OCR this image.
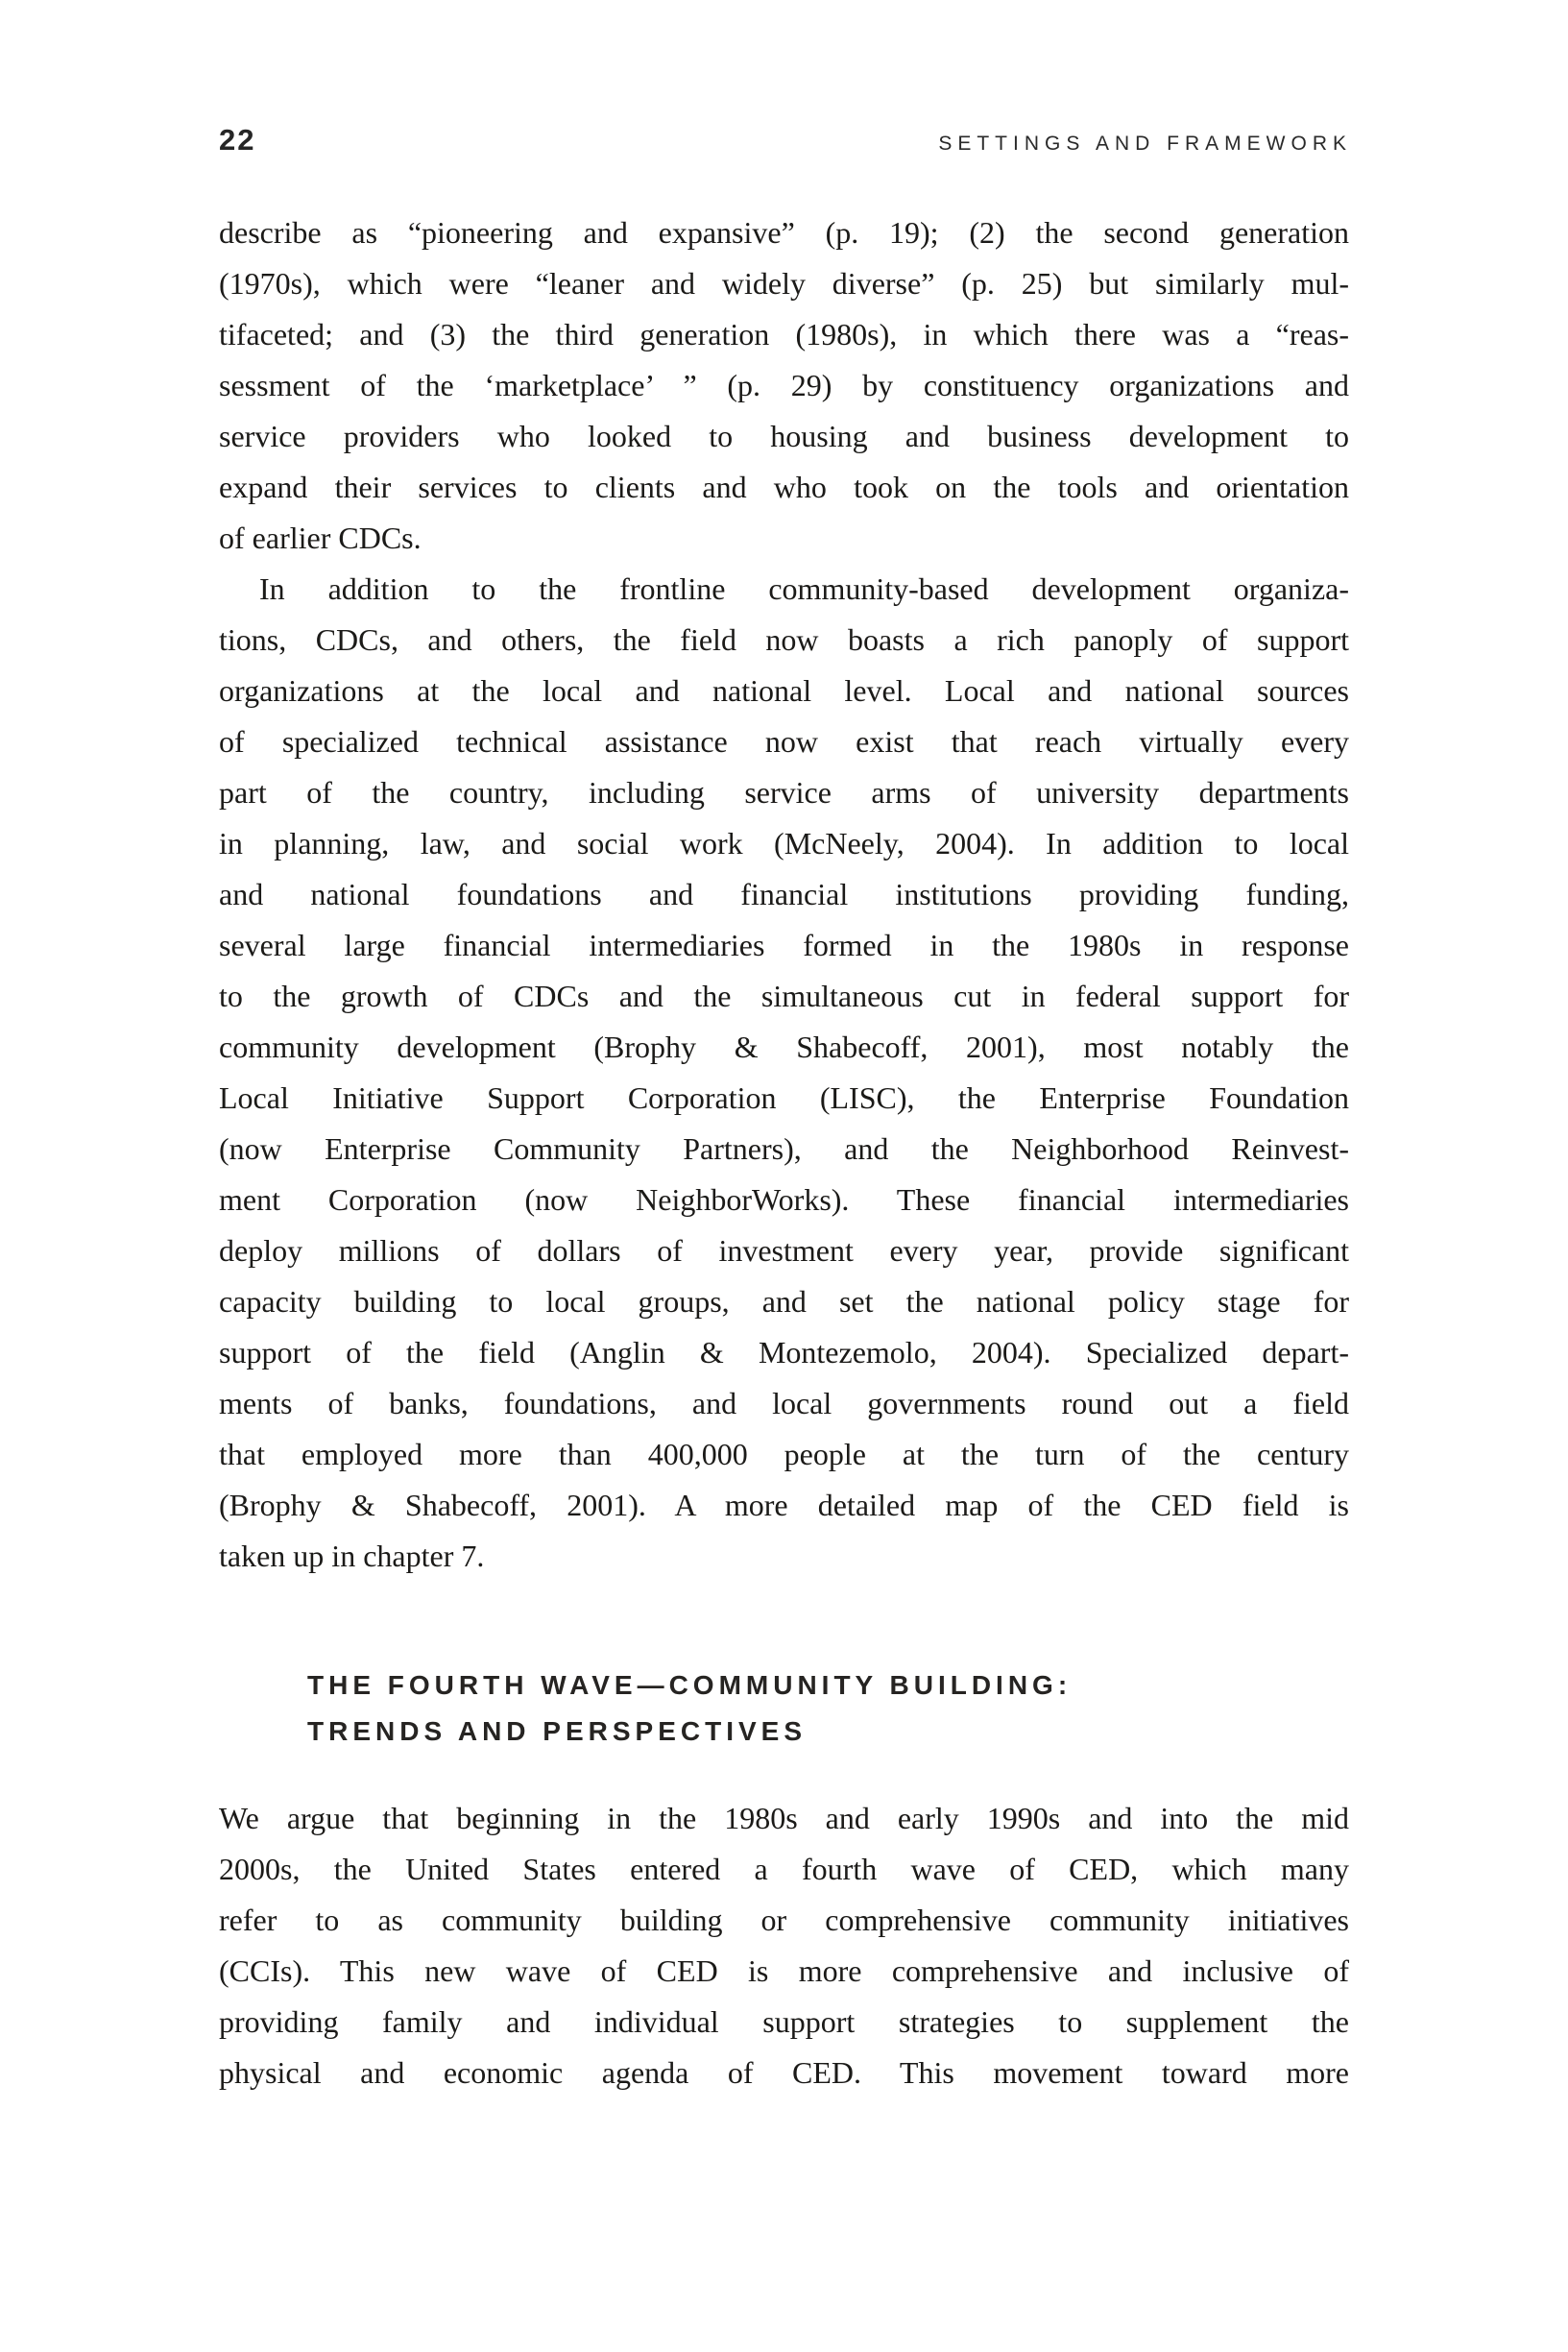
22	SETTINGS AND FRAMEWORK
describe as “pioneering and expansive” (p. 19); (2) the second generation
(1970s), which were “leaner and widely diverse” (p. 25) but similarly mul-
tifaceted; and (3) the third generation (1980s), in which there was a “reas-
sessment of the ‘marketplace’ ” (p. 29) by constituency organizations and
service providers who looked to housing and business development to
expand their services to clients and who took on the tools and orientation
of earlier CDCs.
In addition to the frontline community-based development organiza-
tions, CDCs, and others, the field now boasts a rich panoply of support
organizations at the local and national level. Local and national sources
of specialized technical assistance now exist that reach virtually every
part of the country, including service arms of university departments
in planning, law, and social work (McNeely, 2004). In addition to local
and national foundations and financial institutions providing funding,
several large financial intermediaries formed in the 1980s in response
to the growth of CDCs and the simultaneous cut in federal support for
community development (Brophy & Shabecoff, 2001), most notably the
Local Initiative Support Corporation (LISC), the Enterprise Foundation
(now Enterprise Community Partners), and the Neighborhood Reinvest-
ment Corporation (now NeighborWorks). These financial intermediaries
deploy millions of dollars of investment every year, provide significant
capacity building to local groups, and set the national policy stage for
support of the field (Anglin & Montezemolo, 2004). Specialized depart-
ments of banks, foundations, and local governments round out a field
that employed more than 400,000 people at the turn of the century
(Brophy & Shabecoff, 2001). A more detailed map of the CED field is
taken up in chapter 7.
THE FOURTH WAVE—COMMUNITY BUILDING:
TRENDS AND PERSPECTIVES
We argue that beginning in the 1980s and early 1990s and into the mid
2000s, the United States entered a fourth wave of CED, which many
refer to as community building or comprehensive community initiatives
(CCIs). This new wave of CED is more comprehensive and inclusive of
providing family and individual support strategies to supplement the
physical and economic agenda of CED. This movement toward more
